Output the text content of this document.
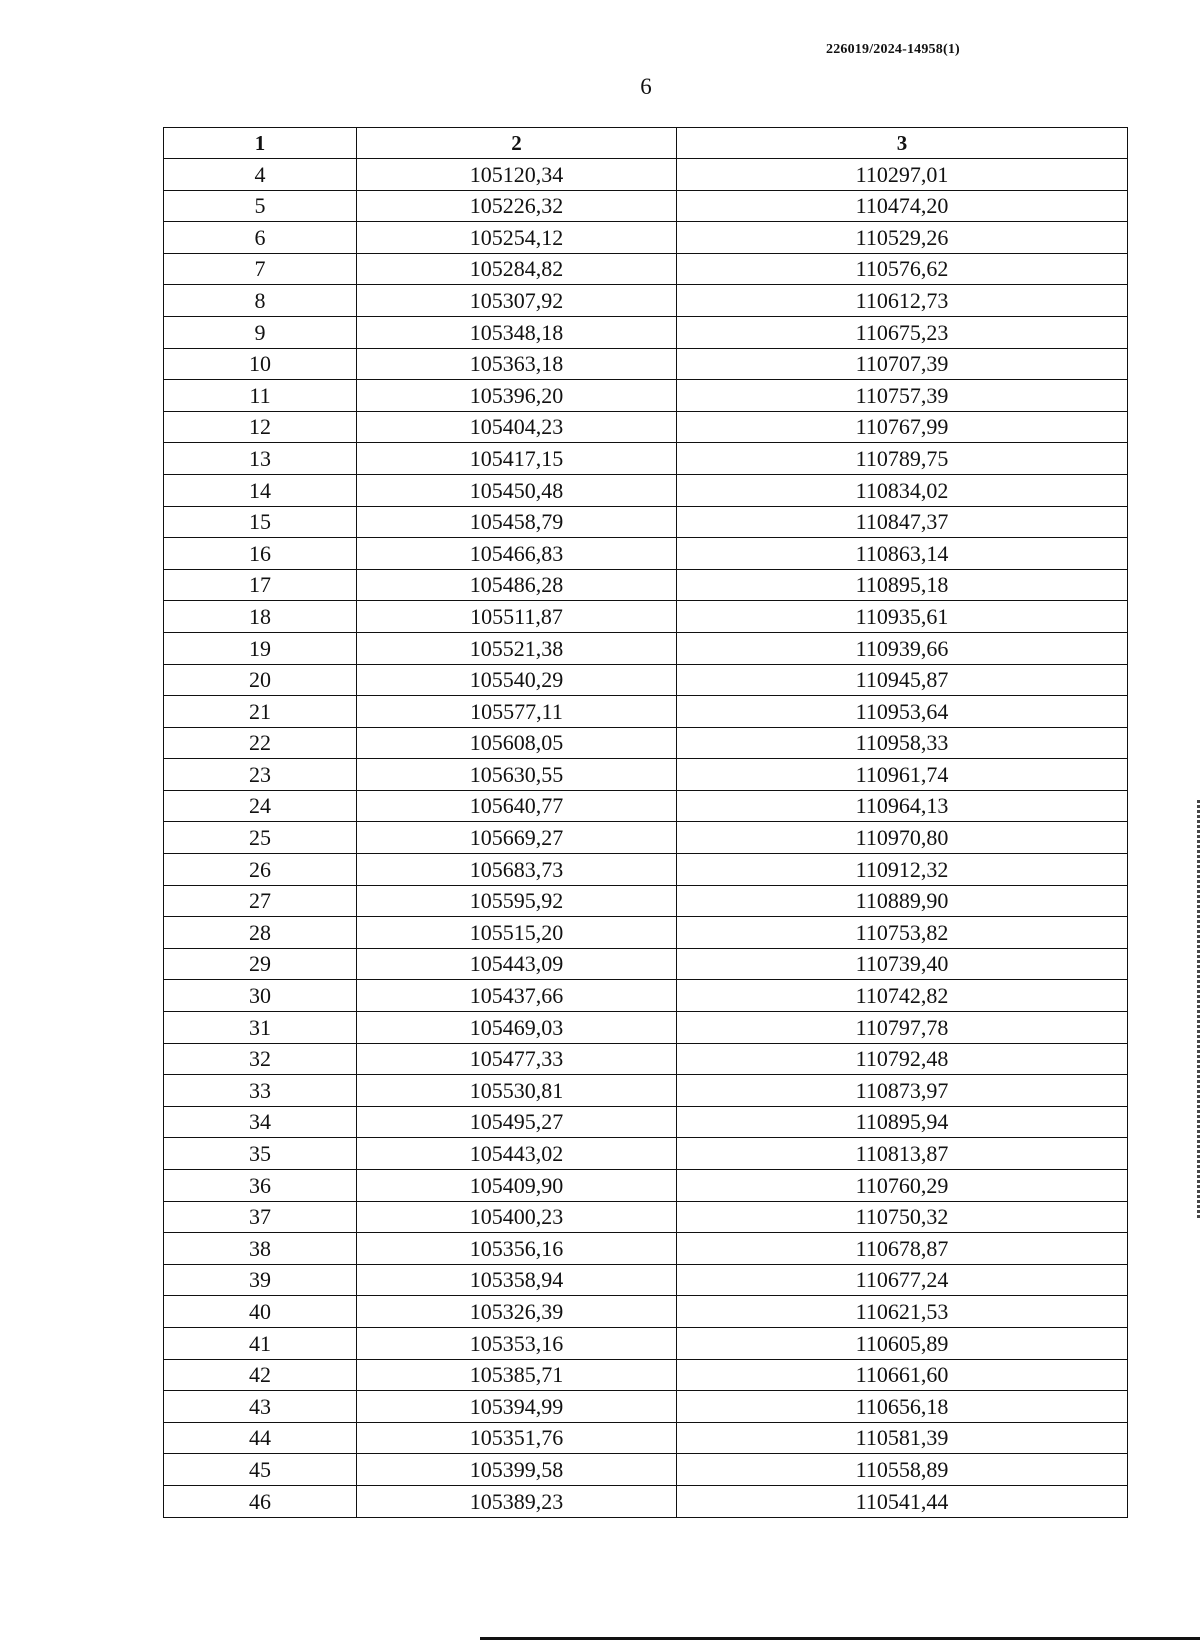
226019/2024-14958(1)
6
1	2	3
4	105120,34	110297,01
5	105226,32	110474,20
6	105254,12	110529,26
7	105284,82	110576,62
8	105307,92	110612,73
9	105348,18	110675,23
10	105363,18	110707,39
11	105396,20	110757,39
12	105404,23	110767,99
13	105417,15	110789,75
14	105450,48	110834,02
15	105458,79	110847,37
16	105466,83	110863,14
17	105486,28	110895,18
18	105511,87	110935,61
19	105521,38	110939,66
20	105540,29	110945,87
21	105577,11	110953,64
22	105608,05	110958,33
23	105630,55	110961,74
24	105640,77	110964,13
25	105669,27	110970,80
26	105683,73	110912,32
27	105595,92	110889,90
28	105515,20	110753,82
29	105443,09	110739,40
30	105437,66	110742,82
31	105469,03	110797,78
32	105477,33	110792,48
33	105530,81	110873,97
34	105495,27	110895,94
35	105443,02	110813,87
36	105409,90	110760,29
37	105400,23	110750,32
38	105356,16	110678,87
39	105358,94	110677,24
40	105326,39	110621,53
41	105353,16	110605,89
42	105385,71	110661,60
43	105394,99	110656,18
44	105351,76	110581,39
45	105399,58	110558,89
46	105389,23	110541,44
